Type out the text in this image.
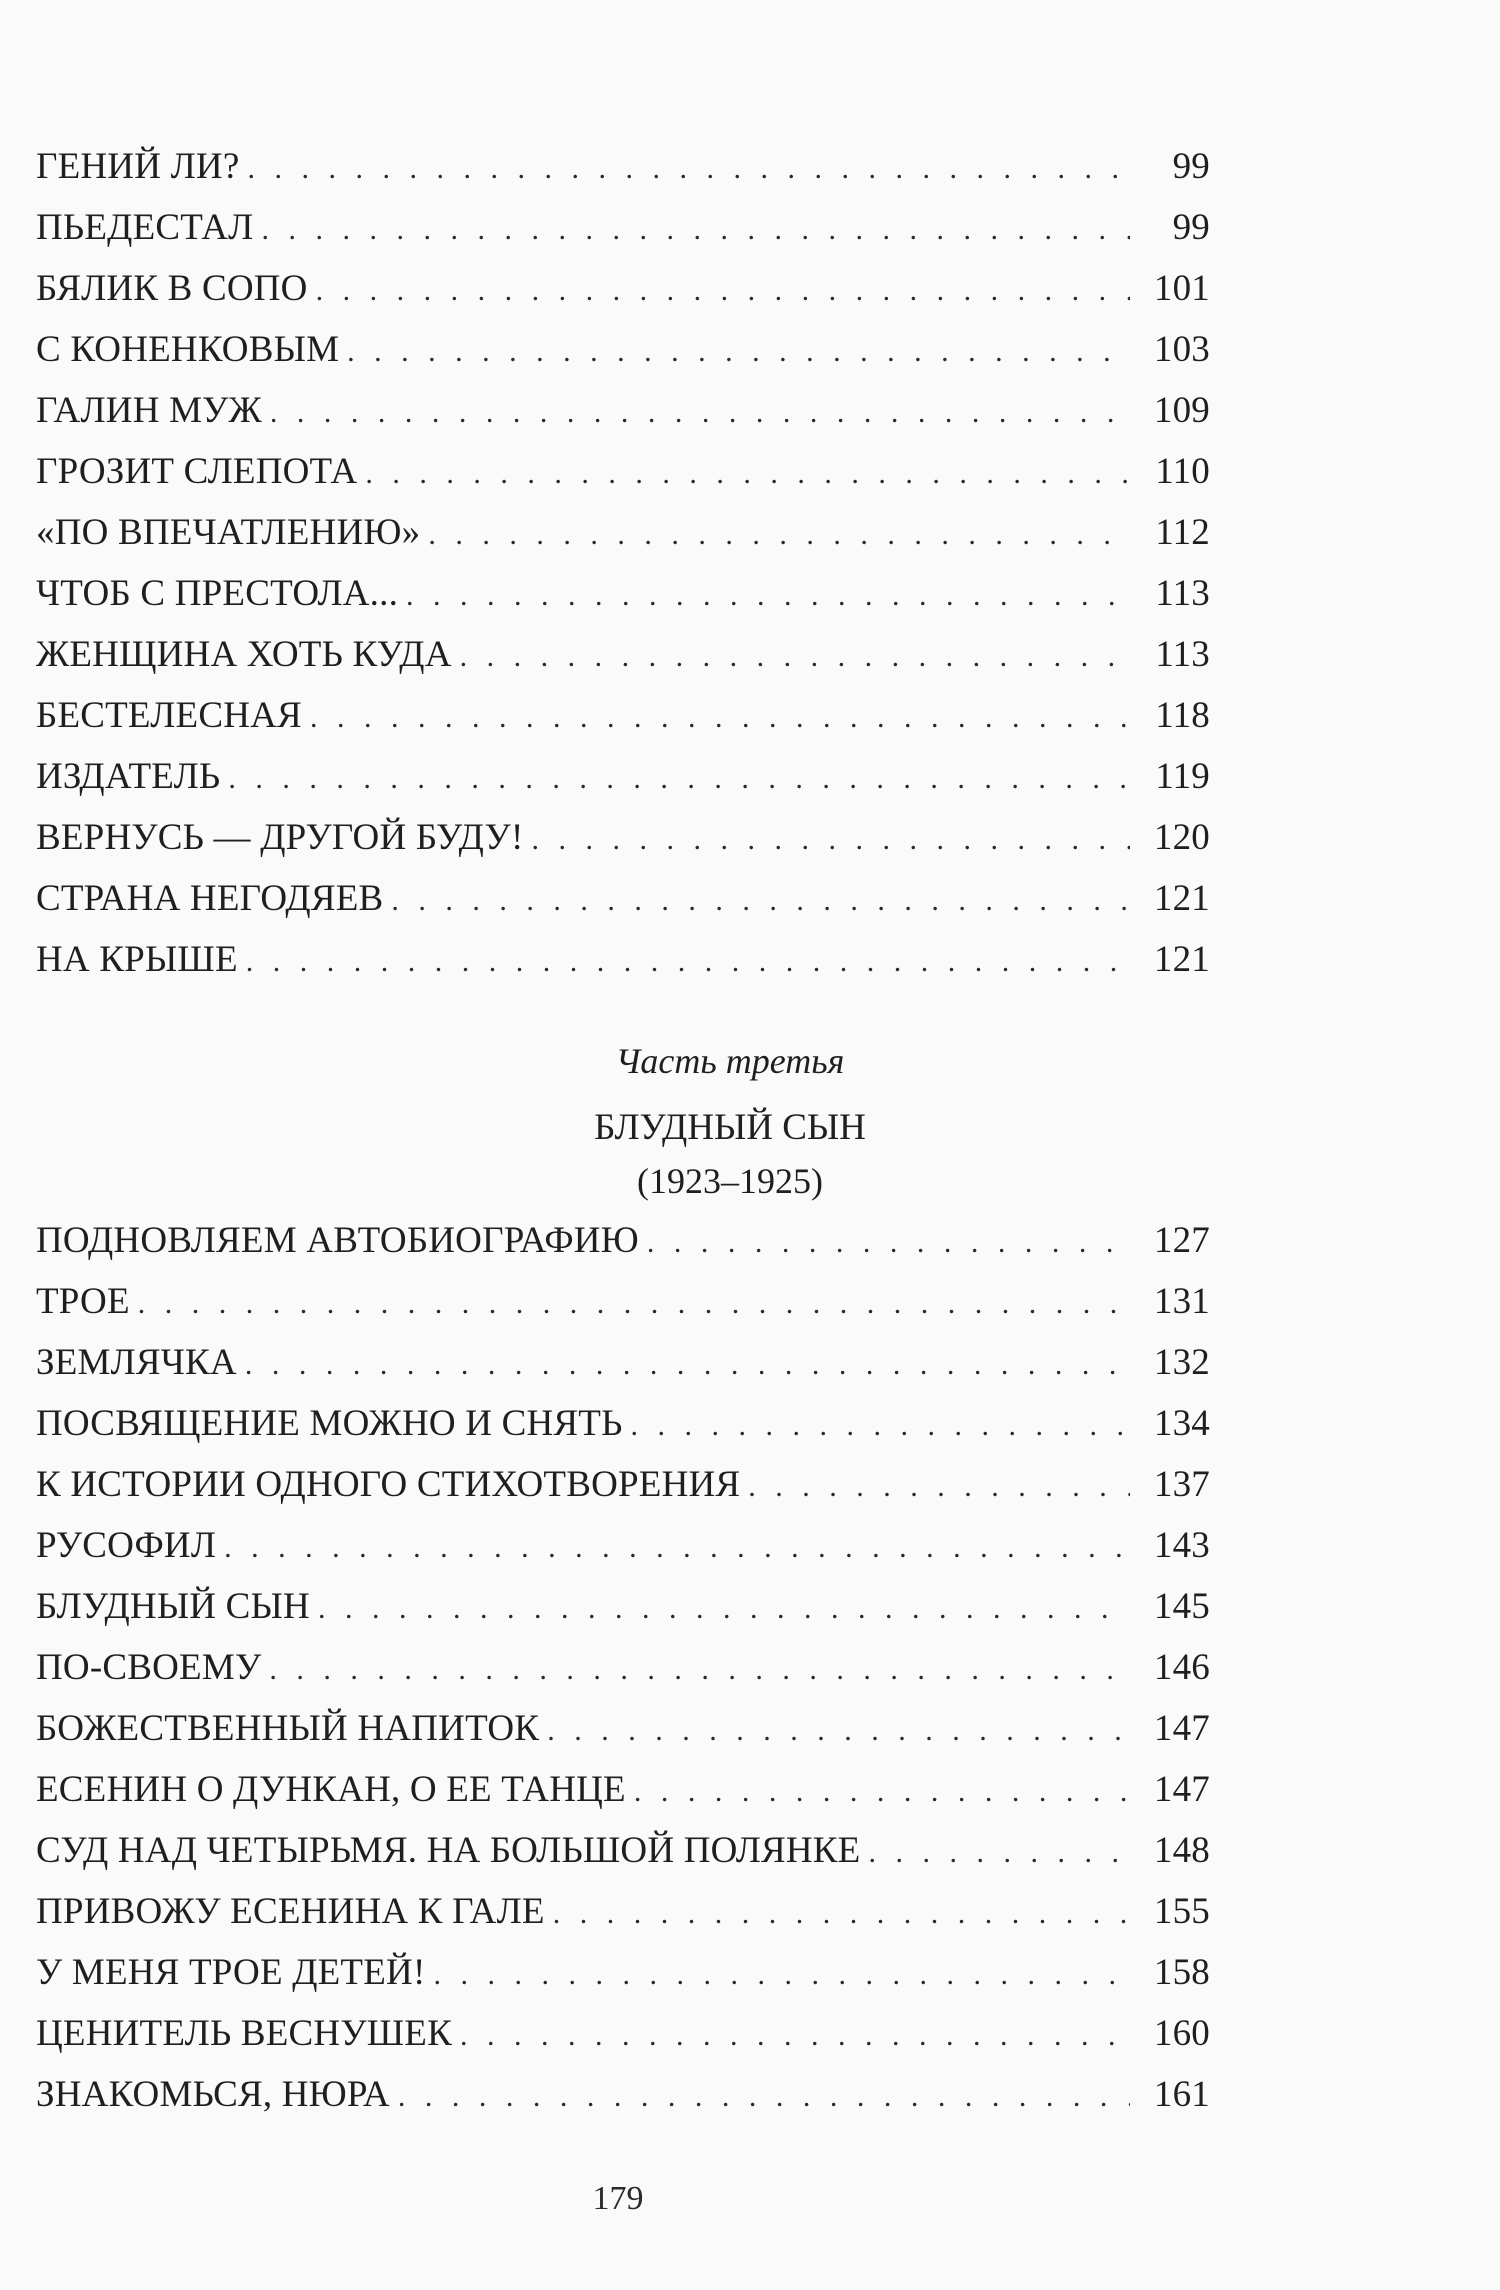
ГЕНИЙ ЛИ? . . .	99
ПЬЕДЕСТАЛ . . .	99
БЯЛИК В СОПО . . .	101
С КОНЕНКОВЫМ . . .	103
ГАЛИН МУЖ . . .	109
ГРОЗИТ СЛЕПОТА . . .	110
«ПО ВПЕЧАТЛЕНИЮ» . . .	112
ЧТОБ С ПРЕСТОЛА... . . .	113
ЖЕНЩИНА ХОТЬ КУДА . . .	113
БЕСТЕЛЕСНАЯ . . .	118
ИЗДАТЕЛЬ . . .	119
ВЕРНУСЬ — ДРУГОЙ БУДУ! . . .	120
СТРАНА НЕГОДЯЕВ . . .	121
НА КРЫШЕ . . .	121
Часть третья
БЛУДНЫЙ СЫН
(1923–1925)
ПОДНОВЛЯЕМ АВТОБИОГРАФИЮ . . .	127
ТРОЕ . . .	131
ЗЕМЛЯЧКА . . .	132
ПОСВЯЩЕНИЕ МОЖНО И СНЯТЬ . . .	134
К ИСТОРИИ ОДНОГО СТИХОТВОРЕНИЯ . . .	137
РУСОФИЛ . . .	143
БЛУДНЫЙ СЫН . . .	145
ПО-СВОЕМУ . . .	146
БОЖЕСТВЕННЫЙ НАПИТОК . . .	147
ЕСЕНИН О ДУНКАН, О ЕЕ ТАНЦЕ . . .	147
СУД НАД ЧЕТЫРЬМЯ. НА БОЛЬШОЙ ПОЛЯНКЕ . . .	148
ПРИВОЖУ ЕСЕНИНА К ГАЛЕ . . .	155
У МЕНЯ ТРОЕ ДЕТЕЙ! . . .	158
ЦЕНИТЕЛЬ ВЕСНУШЕК . . .	160
ЗНАКОМЬСЯ, НЮРА . . .	161
179
